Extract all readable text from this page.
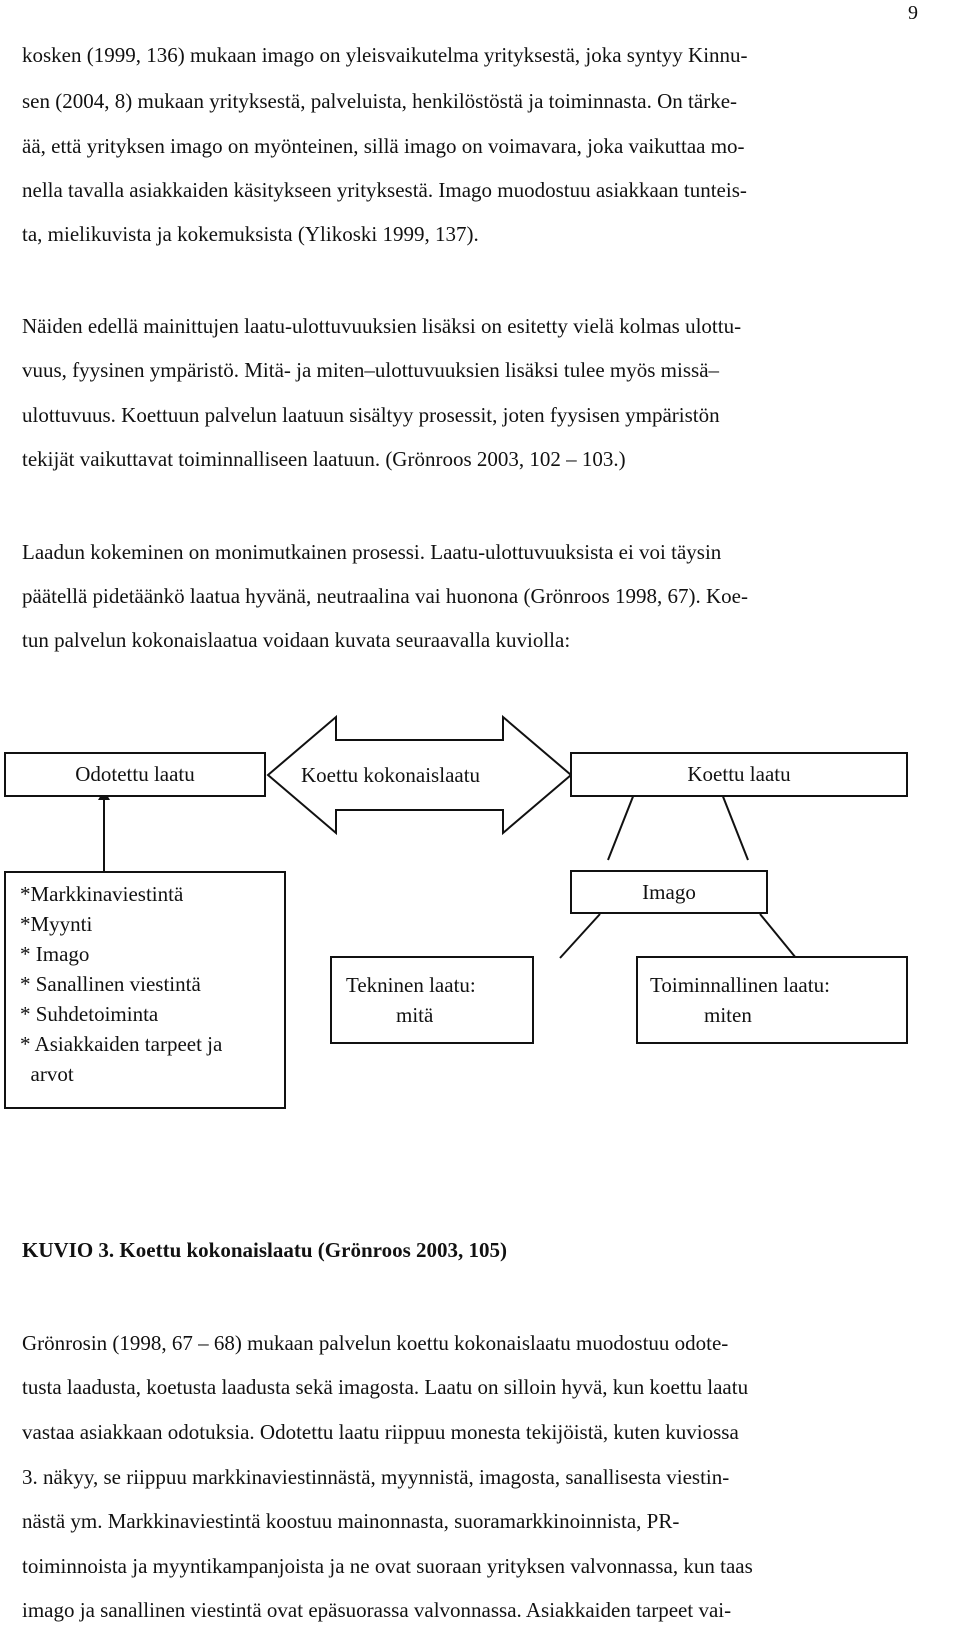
9
kosken (1999, 136) mukaan imago on yleisvaikutelma yrityksestä, joka syntyy Kinnu-
sen (2004, 8) mukaan yrityksestä, palveluista, henkilöstöstä ja toiminnasta. On tärke-
ää, että yrityksen imago on myönteinen, sillä imago on voimavara, joka vaikuttaa mo-
nella tavalla asiakkaiden käsitykseen yrityksestä. Imago muodostuu asiakkaan tunteis-
ta, mielikuvista ja kokemuksista (Ylikoski 1999, 137).
Näiden edellä mainittujen laatu-ulottuvuuksien lisäksi on esitetty vielä kolmas ulottu-
vuus, fyysinen ympäristö. Mitä- ja miten–ulottuvuuksien lisäksi tulee myös missä–
ulottuvuus. Koettuun palvelun laatuun sisältyy prosessit, joten fyysisen ympäristön
tekijät vaikuttavat toiminnalliseen laatuun. (Grönroos 2003, 102 – 103.)
Laadun kokeminen on monimutkainen prosessi. Laatu-ulottuvuuksista ei voi täysin
päätellä pidetäänkö laatua hyvänä, neutraalina vai huonona (Grönroos 1998, 67). Koe-
tun palvelun kokonaislaatua voidaan kuvata seuraavalla kuviolla:
Odotettu laatu	Koettu kokonaislaatu	Koettu laatu
*Markkinaviestintä
*Myynti
* Imago
* Sanallinen viestintä
* Suhdetoiminta
* Asiakkaiden tarpeet ja
arvot
Imago
Tekninen laatu:
mitä
Toiminnallinen laatu:
miten
KUVIO 3. Koettu kokonaislaatu (Grönroos 2003, 105)
Grönrosin (1998, 67 – 68) mukaan palvelun koettu kokonaislaatu muodostuu odote-
tusta laadusta, koetusta laadusta sekä imagosta. Laatu on silloin hyvä, kun koettu laatu
vastaa asiakkaan odotuksia. Odotettu laatu riippuu monesta tekijöistä, kuten kuviossa
3. näkyy, se riippuu markkinaviestinnästä, myynnistä, imagosta, sanallisesta viestin-
nästä ym. Markkinaviestintä koostuu mainonnasta, suoramarkkinoinnista, PR-
toiminnoista ja myyntikampanjoista ja ne ovat suoraan yrityksen valvonnassa, kun taas
imago ja sanallinen viestintä ovat epäsuorassa valvonnassa. Asiakkaiden tarpeet vai-
